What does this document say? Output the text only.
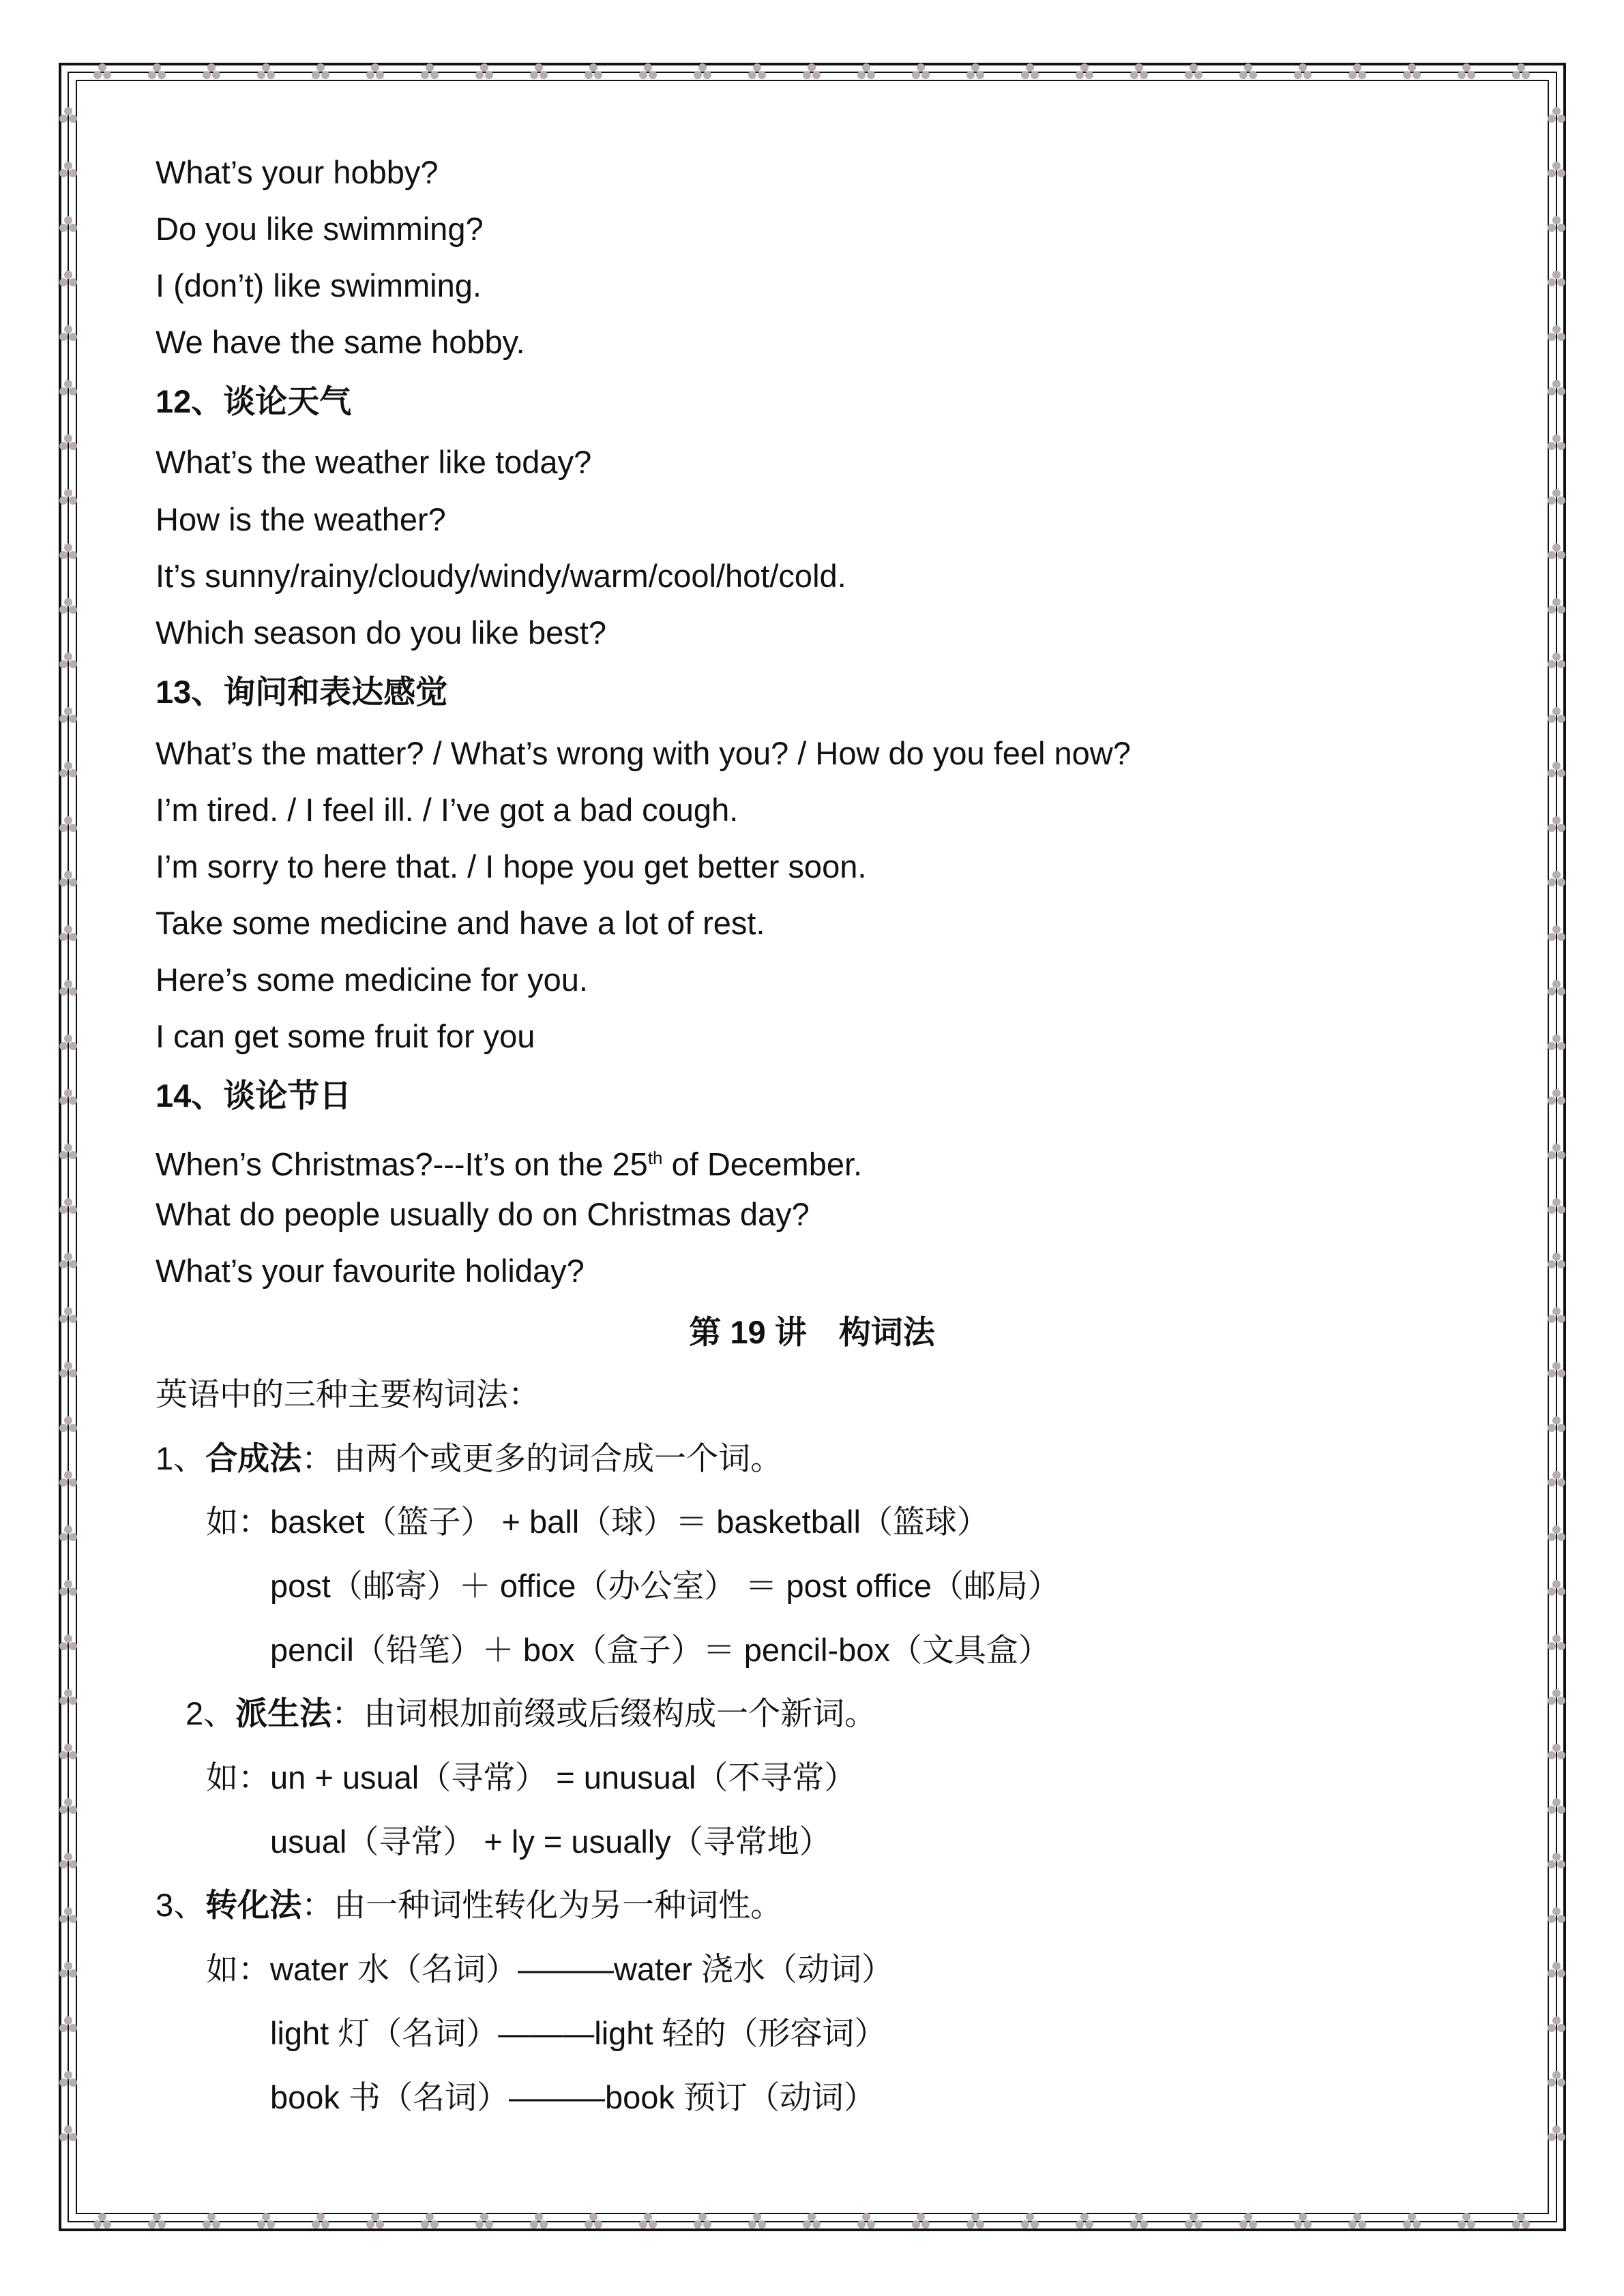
What’s your hobby?
Do you like swimming?
I (don’t) like swimming.
We have the same hobby.
12、谈论天气
What’s the weather like today?
How is the weather?
It’s sunny/rainy/cloudy/windy/warm/cool/hot/cold.
Which season do you like best?
13、询问和表达感觉
What’s the matter? / What’s wrong with you? / How do you feel now?
I’m tired. / I feel ill. / I’ve got a bad cough.
I’m sorry to here that. / I hope you get better soon.
Take some medicine and have a lot of rest.
Here’s some medicine for you.
I can get some fruit for you
14、谈论节日
When’s Christmas?---It’s on the 25th of December.
What do people usually do on Christmas day?
What’s your favourite holiday?
第 19 讲　构词法
英语中的三种主要构词法：
1、合成法：由两个或更多的词合成一个词。
如：basket（篮子） + ball（球）＝ basketball（篮球）
post（邮寄）＋ office（办公室） ＝ post office（邮局）
pencil（铅笔）＋ box（盒子）＝ pencil-box（文具盒）
2、派生法：由词根加前缀或后缀构成一个新词。
如：un + usual（寻常） = unusual（不寻常）
usual（寻常） + ly = usually（寻常地）
3、转化法：由一种词性转化为另一种词性。
如：water 水（名词）———water 浇水（动词）
light 灯（名词）———light 轻的（形容词）
book 书（名词）———book 预订（动词）
